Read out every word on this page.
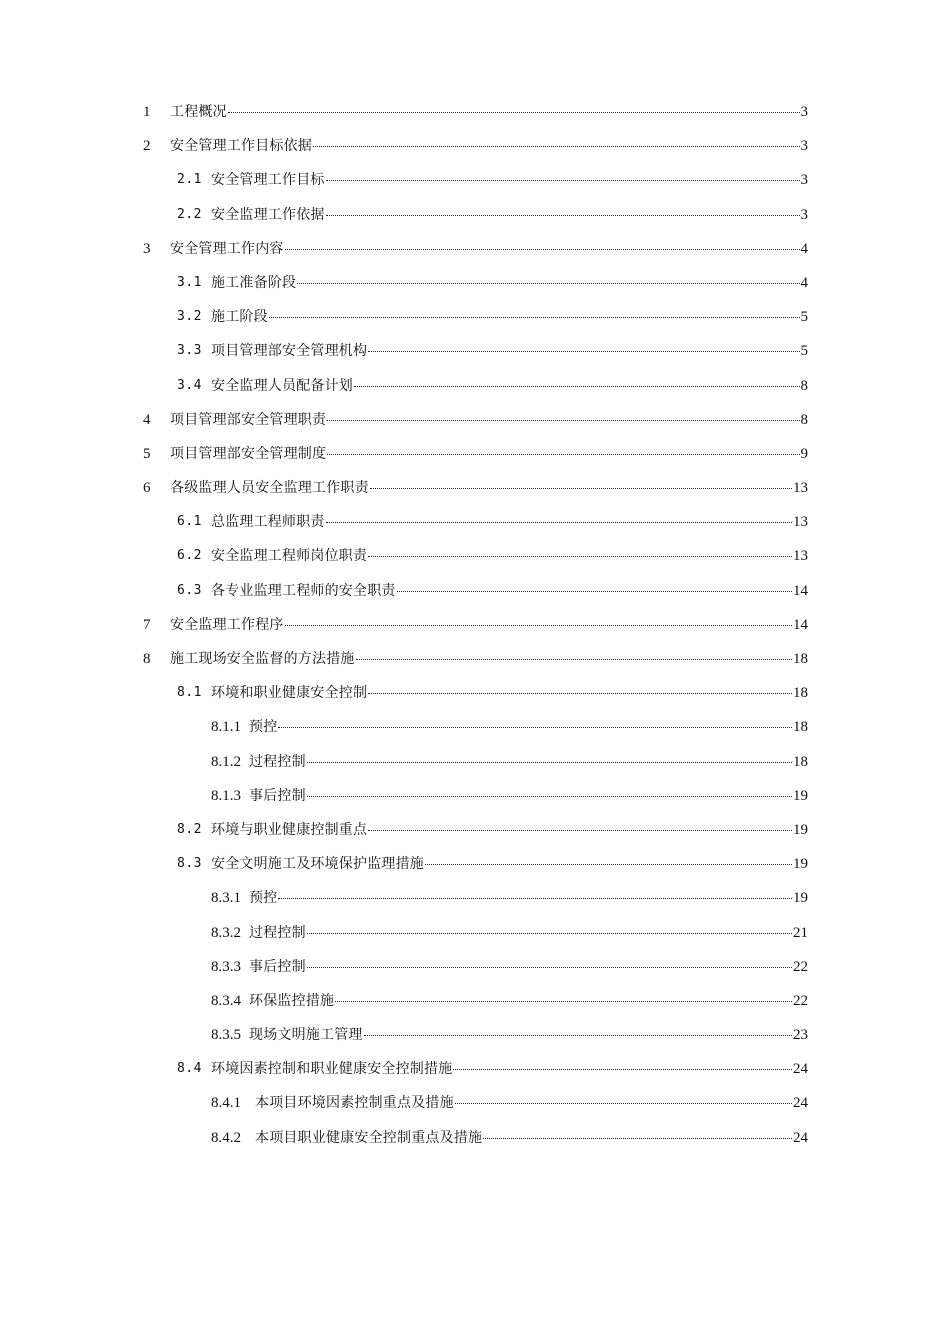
1 工程概况	3
2 安全管理工作目标依据	3
2.1 安全管理工作目标	3
2.2 安全监理工作依据	3
3 安全管理工作内容	4
3.1 施工准备阶段	4
3.2 施工阶段	5
3.3 项目管理部安全管理机构	5
3.4 安全监理人员配备计划	8
4 项目管理部安全管理职责	8
5 项目管理部安全管理制度	9
6 各级监理人员安全监理工作职责	13
6.1 总监理工程师职责	13
6.2 安全监理工程师岗位职责	13
6.3 各专业监理工程师的安全职责	14
7 安全监理工作程序	14
8 施工现场安全监督的方法措施	18
8.1 环境和职业健康安全控制	18
8.1.1 预控	18
8.1.2 过程控制	18
8.1.3 事后控制	19
8.2 环境与职业健康控制重点	19
8.3 安全文明施工及环境保护监理措施	19
8.3.1 预控	19
8.3.2 过程控制	21
8.3.3 事后控制	22
8.3.4 环保监控措施	22
8.3.5 现场文明施工管理	23
8.4 环境因素控制和职业健康安全控制措施	24
8.4.1 本项目环境因素控制重点及措施	24
8.4.2 本项目职业健康安全控制重点及措施	24
